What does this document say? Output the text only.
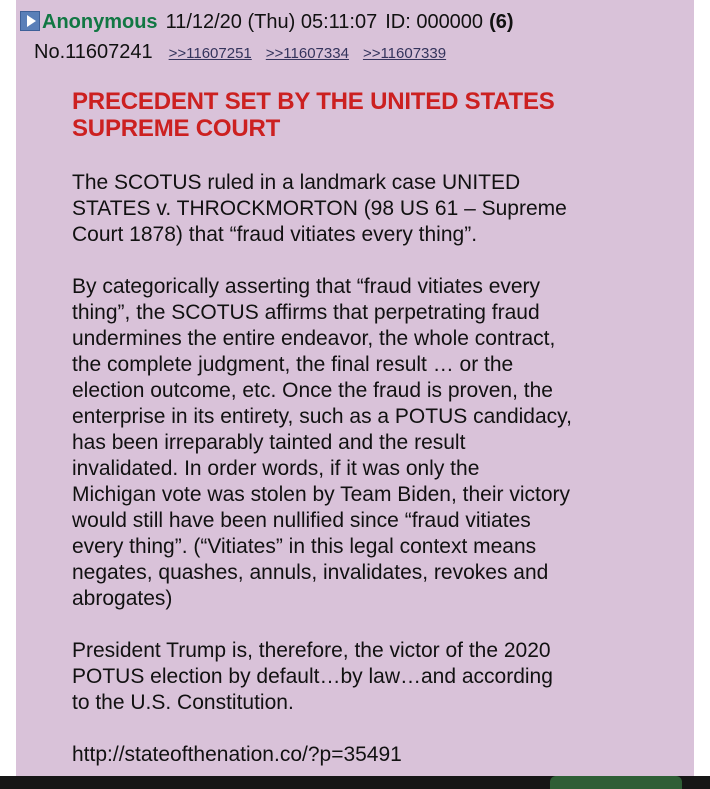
Anonymous 11/12/20 (Thu) 05:11:07 ID: 000000 (6)
No.11607241 >>11607251 >>11607334 >>11607339
PRECEDENT SET BY THE UNITED STATES
SUPREME COURT

The SCOTUS ruled in a landmark case UNITED
STATES v. THROCKMORTON (98 US 61 – Supreme
Court 1878) that “fraud vitiates every thing”.

By categorically asserting that “fraud vitiates every
thing”, the SCOTUS affirms that perpetrating fraud
undermines the entire endeavor, the whole contract,
the complete judgment, the final result … or the
election outcome, etc. Once the fraud is proven, the
enterprise in its entirety, such as a POTUS candidacy,
has been irreparably tainted and the result
invalidated. In order words, if it was only the
Michigan vote was stolen by Team Biden, their victory
would still have been nullified since “fraud vitiates
every thing”. (“Vitiates” in this legal context means
negates, quashes, annuls, invalidates, revokes and
abrogates)

President Trump is, therefore, the victor of the 2020
POTUS election by default…by law…and according
to the U.S. Constitution.

http://stateofthenation.co/?p=35491
